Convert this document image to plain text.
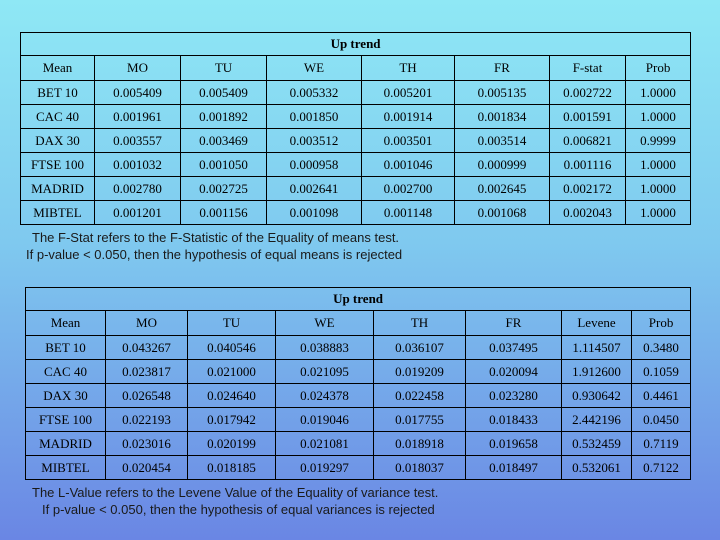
Up trend							
Mean	MO	TU	WE	TH	FR	F-stat	Prob
BET 10	0.005409	0.005409	0.005332	0.005201	0.005135	0.002722	1.0000
CAC 40	0.001961	0.001892	0.001850	0.001914	0.001834	0.001591	1.0000
DAX 30	0.003557	0.003469	0.003512	0.003501	0.003514	0.006821	0.9999
FTSE 100	0.001032	0.001050	0.000958	0.001046	0.000999	0.001116	1.0000
MADRID	0.002780	0.002725	0.002641	0.002700	0.002645	0.002172	1.0000
MIBTEL	0.001201	0.001156	0.001098	0.001148	0.001068	0.002043	1.0000
The F-Stat refers to the F-Statistic of the Equality of means test.
If p-value < 0.050, then the hypothesis of equal means is rejected
Up trend							
Mean	MO	TU	WE	TH	FR	Levene	Prob
BET 10	0.043267	0.040546	0.038883	0.036107	0.037495	1.114507	0.3480
CAC 40	0.023817	0.021000	0.021095	0.019209	0.020094	1.912600	0.1059
DAX 30	0.026548	0.024640	0.024378	0.022458	0.023280	0.930642	0.4461
FTSE 100	0.022193	0.017942	0.019046	0.017755	0.018433	2.442196	0.0450
MADRID	0.023016	0.020199	0.021081	0.018918	0.019658	0.532459	0.7119
MIBTEL	0.020454	0.018185	0.019297	0.018037	0.018497	0.532061	0.7122
The L-Value refers to the Levene Value of the Equality of variance test.
If p-value < 0.050, then the hypothesis of equal variances is rejected
